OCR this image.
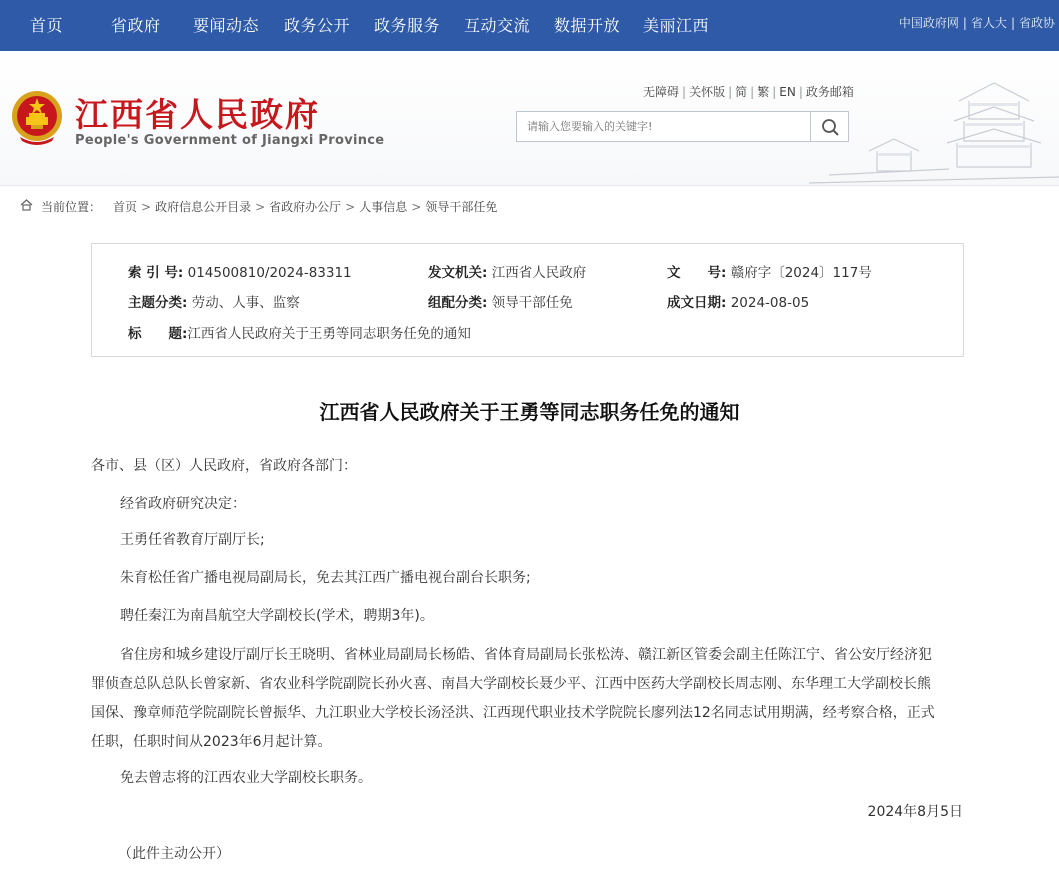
首页	省政府 要闻动态 政务公开 政务服务 互动交流 数据开放 美丽江西	中国政府网 | 省人大 | 省政协
江西省人民政府
People's Government of Jiangxi Province
无障碍 | 关怀版 | 简 | 繁 | EN | 政务邮箱
请输入您要输入的关键字!
当前位置： 首页 > 政府信息公开目录 > 省政府办公厅 > 人事信息 > 领导干部任免
索 引 号: 014500810/2024-83311	发文机关: 江西省人民政府	文　　号: 赣府字〔2024〕117号
主题分类: 劳动、人事、监察	组配分类: 领导干部任免	成文日期: 2024-08-05
标　　题:江西省人民政府关于王勇等同志职务任免的通知
江西省人民政府关于王勇等同志职务任免的通知
各市、县（区）人民政府，省政府各部门：
经省政府研究决定：
王勇任省教育厅副厅长;
朱育松任省广播电视局副局长，免去其江西广播电视台副台长职务;
聘任秦江为南昌航空大学副校长(学术，聘期3年)。
省住房和城乡建设厅副厅长王晓明、省林业局副局长杨皓、省体育局副局长张松涛、赣江新区管委会副主任陈江宁、省公安厅经济犯
罪侦查总队总队长曾家新、省农业科学院副院长孙火喜、南昌大学副校长聂少平、江西中医药大学副校长周志刚、东华理工大学副校长熊
国保、豫章师范学院副院长曾振华、九江职业大学校长汤泾洪、江西现代职业技术学院院长廖列法12名同志试用期满，经考察合格，正式
任职，任职时间从2023年6月起计算。
免去曾志将的江西农业大学副校长职务。
2024年8月5日
（此件主动公开）
